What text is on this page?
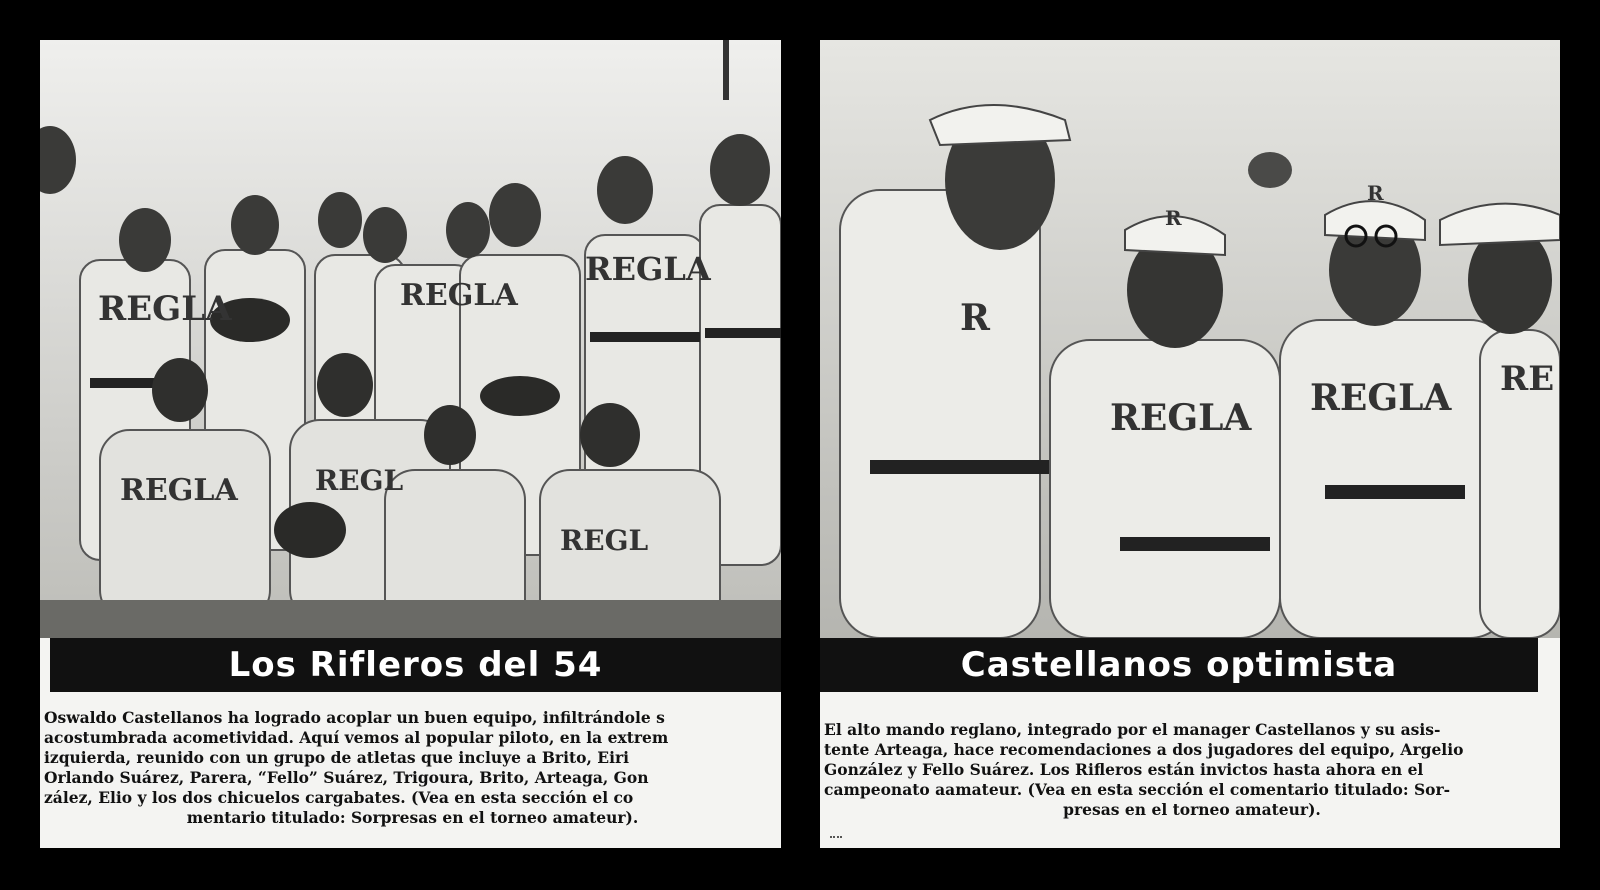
REGLA	REGLA
REGLA
REGLA	REGL
REGL
Los Rifleros del 54
Oswaldo Castellanos ha logrado acoplar un buen equipo, infiltrándole s
acostumbrada acometividad. Aquí vemos al popular piloto, en la extrem
izquierda, reunido con un grupo de atletas que incluye a Brito, Eiri
Orlando Suárez, Parera, “Fello” Suárez, Trigoura, Brito, Arteaga, Gon
zález, Elio y los dos chicuelos cargabates. (Vea en esta sección el co
mentario titulado: Sorpresas en el torneo amateur).
R
REGLA REGLA RE
R
R
Castellanos optimista
El alto mando reglano, integrado por el manager Castellanos y su asis-
tente Arteaga, hace recomendaciones a dos jugadores del equipo, Argelio
González y Fello Suárez. Los Rifleros están invictos hasta ahora en el
campeonato aamateur. (Vea en esta sección el comentario titulado: Sor-
presas en el torneo amateur).
